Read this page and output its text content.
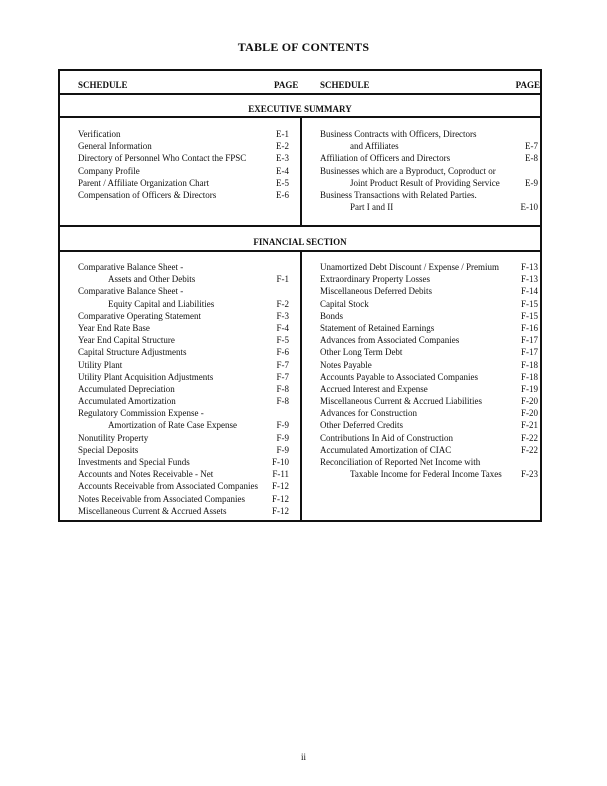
TABLE OF CONTENTS
SCHEDULE	PAGE SCHEDULE	PAGE
EXECUTIVE SUMMARY
Verification	E-1
General Information	E-2
Directory of Personnel Who Contact the FPSC	E-3
Company Profile	E-4
Parent / Affiliate Organization Chart	E-5
Compensation of Officers & Directors	E-6
Business Contracts with Officers, Directors
and Affiliates	E-7
Affiliation of Officers and Directors	E-8
Businesses which are a Byproduct, Coproduct or
Joint Product Result of Providing Service	E-9
Business Transactions with Related Parties.
Part I and II	E-10
FINANCIAL SECTION
Comparative Balance Sheet -
Assets and Other Debits	F-1
Comparative Balance Sheet -
Equity Capital and Liabilities	F-2
Comparative Operating Statement	F-3
Year End Rate Base	F-4
Year End Capital Structure	F-5
Capital Structure Adjustments	F-6
Utility Plant	F-7
Utility Plant Acquisition Adjustments	F-7
Accumulated Depreciation	F-8
Accumulated Amortization	F-8
Regulatory Commission Expense -
Amortization of Rate Case Expense	F-9
Nonutility Property	F-9
Special Deposits	F-9
Investments and Special Funds	F-10
Accounts and Notes Receivable - Net	F-11
Accounts Receivable from Associated Companies F-12
Notes Receivable from Associated Companies	F-12
Miscellaneous Current & Accrued Assets	F-12
Unamortized Debt Discount / Expense / Premium F-13
Extraordinary Property Losses	F-13
Miscellaneous Deferred Debits	F-14
Capital Stock	F-15
Bonds	F-15
Statement of Retained Earnings	F-16
Advances from Associated Companies	F-17
Other Long Term Debt	F-17
Notes Payable	F-18
Accounts Payable to Associated Companies	F-18
Accrued Interest and Expense	F-19
Miscellaneous Current & Accrued Liabilities	F-20
Advances for Construction	F-20
Other Deferred Credits	F-21
Contributions In Aid of Construction	F-22
Accumulated Amortization of CIAC	F-22
Reconciliation of Reported Net Income with
Taxable Income for Federal Income Taxes F-23
ii
